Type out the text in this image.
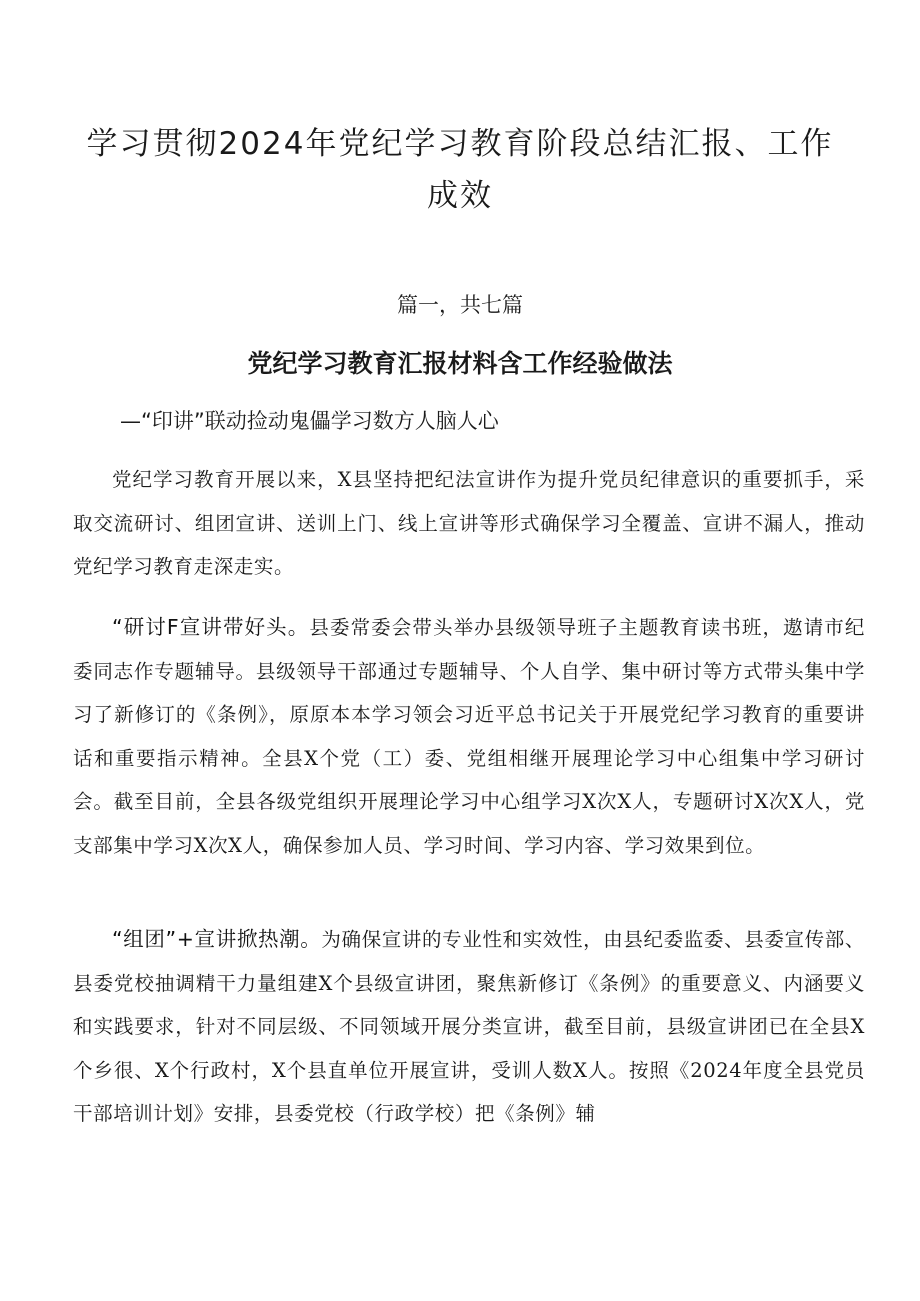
学习贯彻2024年党纪学习教育阶段总结汇报、工作
成效

篇一，共七篇

党纪学习教育汇报材料含工作经验做法

—“印讲”联动捡动鬼儡学习数方人脑人心

党纪学习教育开展以来，X县坚持把纪法宣讲作为提升党员纪律意识的重要抓手，采取交流研讨、组团宣讲、送训上门、线上宣讲等形式确保学习全覆盖、宣讲不漏人，推动党纪学习教育走深走实。

“研讨F宣讲带好头。县委常委会带头举办县级领导班子主题教育读书班，遨请市纪委同志作专题辅导。县级领导干部通过专题辅导、个人自学、集中研讨等方式带头集中学习了新修订的《条例》，原原本本学习领会习近平总书记关于开展党纪学习教育的重要讲话和重要指示精神。全县X个党（工）委、党组相继开展理论学习中心组集中学习研讨会。截至目前，全县各级党组织开展理论学习中心组学习X次X人，专题研讨X次X人，党支部集中学习X次X人，确保参加人员、学习时间、学习内容、学习效果到位。

“组团”+宣讲掀热潮。为确保宣讲的专业性和实效性，由县纪委监委、县委宣传部、县委党校抽调精干力量组建X个县级宣讲团，聚焦新修订《条例》的重要意义、内涵要义和实践要求，针对不同层级、不同领域开展分类宣讲，截至目前，县级宣讲团已在全县X个乡很、X个行政村，X个县直单位开展宣讲，受训人数X人。按照《2024年度全县党员干部培训计划》安排，县委党校（行政学校）把《条例》辅
